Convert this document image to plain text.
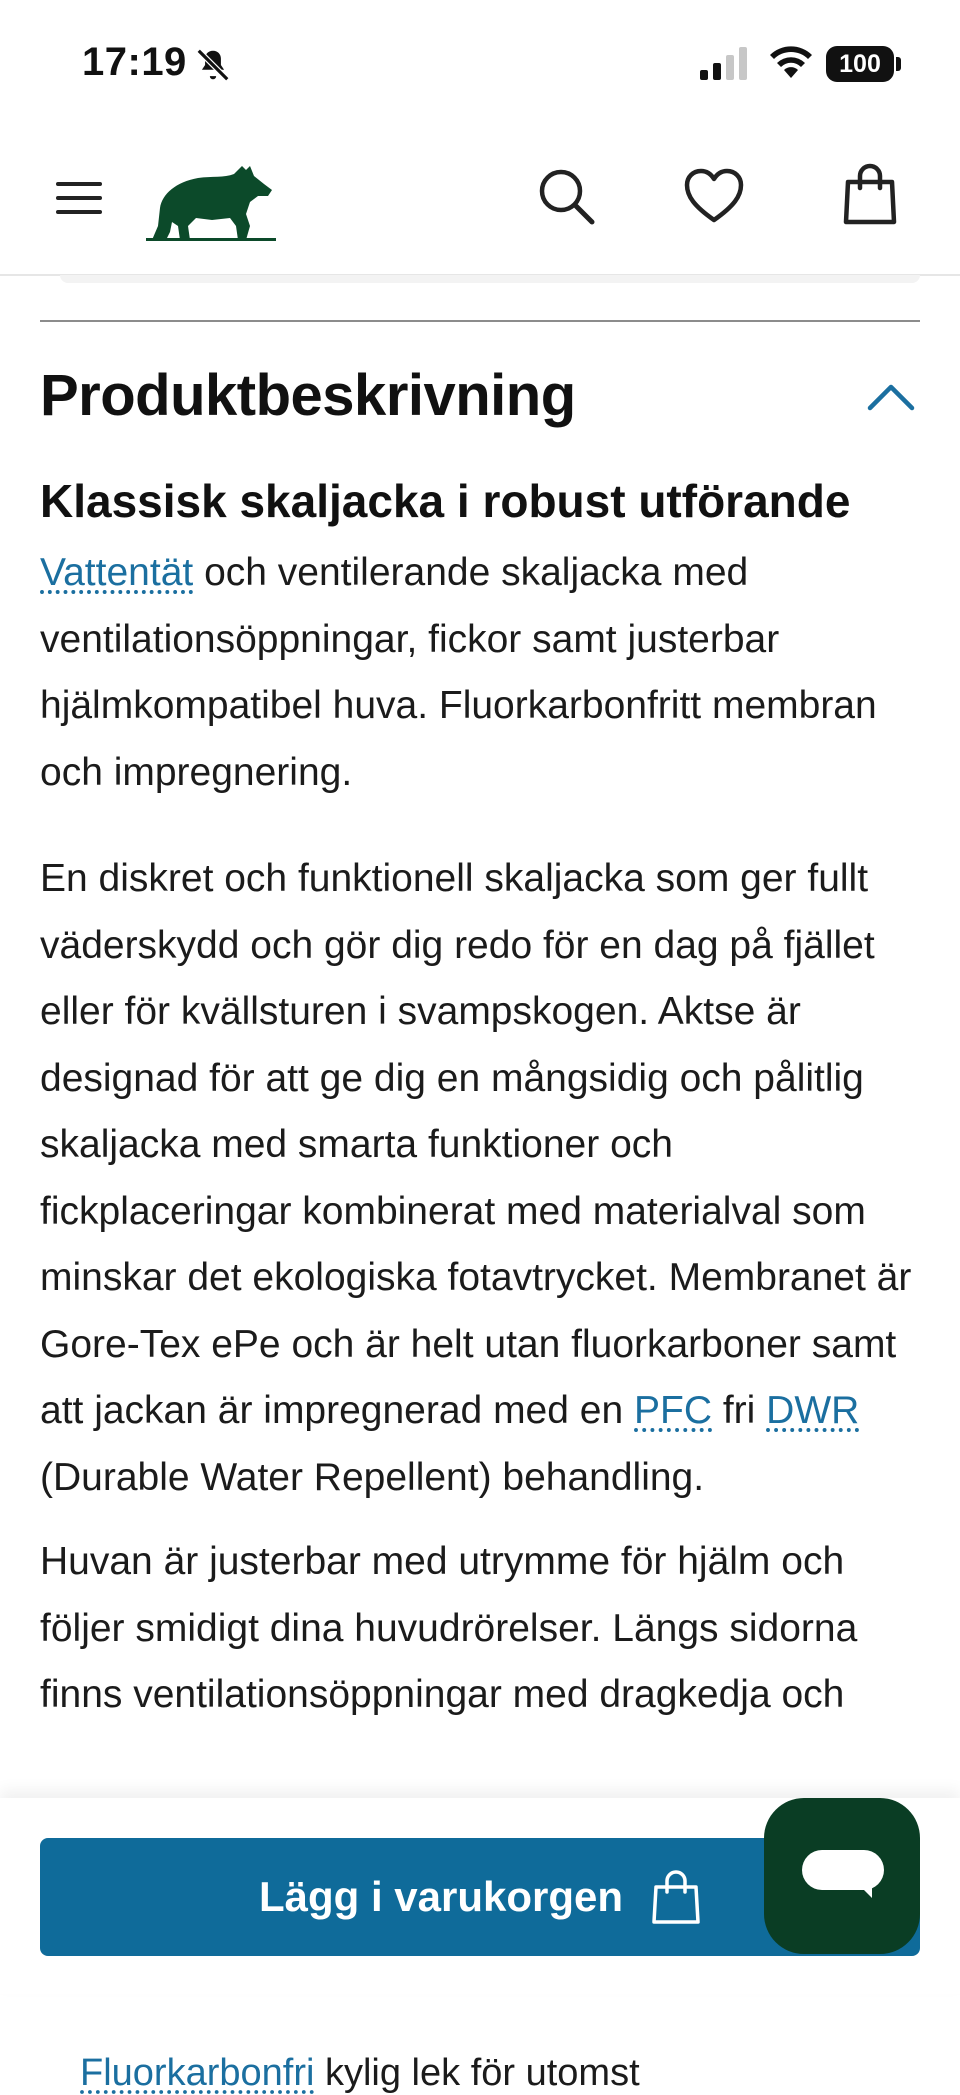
17:19	100
Produktbeskrivning
Klassisk skaljacka i robust utförande

Vattentät och ventilerande skaljacka med ventilationsöppningar, fickor samt justerbar hjälmkompatibel huva. Fluorkarbonfritt membran och impregnering.

En diskret och funktionell skaljacka som ger fullt väderskydd och gör dig redo för en dag på fjället eller för kvällsturen i svampskogen. Aktse är designad för att ge dig en mångsidig och pålitlig skaljacka med smarta funktioner och fickplaceringar kombinerat med materialval som minskar det ekologiska fotavtrycket. Membranet är Gore-Tex ePe och är helt utan fluorkarboner samt att jackan är impregnerad med en PFC fri DWR (Durable Water Repellent) behandling.

Huvan är justerbar med utrymme för hjälm och följer smidigt dina huvudrörelser. Längs sidorna finns ventilationsöppningar med dragkedja och

Lägg i varukorgen
Fluorkarbonfri kylig lek för utomst
